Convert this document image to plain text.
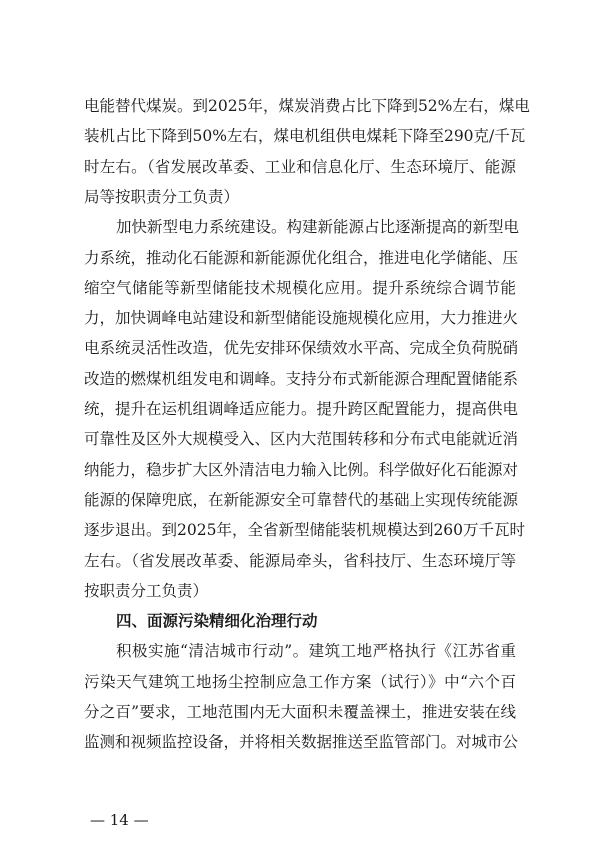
— 14 —
电能替代煤炭。到2025年，煤炭消费占比下降到52%左右，煤电
装机占比下降到50%左右，煤电机组供电煤耗下降至290克/千瓦
时左右。（省发展改革委、工业和信息化厅、生态环境厅、能源
局等按职责分工负责）
加快新型电力系统建设。构建新能源占比逐渐提高的新型电
力系统，推动化石能源和新能源优化组合，推进电化学储能、压
缩空气储能等新型储能技术规模化应用。提升系统综合调节能
力，加快调峰电站建设和新型储能设施规模化应用，大力推进火
电系统灵活性改造，优先安排环保绩效水平高、完成全负荷脱硝
改造的燃煤机组发电和调峰。支持分布式新能源合理配置储能系
统，提升在运机组调峰适应能力。提升跨区配置能力，提高供电
可靠性及区外大规模受入、区内大范围转移和分布式电能就近消
纳能力，稳步扩大区外清洁电力输入比例。科学做好化石能源对
能源的保障兜底，在新能源安全可靠替代的基础上实现传统能源
逐步退出。到2025年，全省新型储能装机规模达到260万千瓦时
左右。（省发展改革委、能源局牵头，省科技厅、生态环境厅等
按职责分工负责）
四、面源污染精细化治理行动
积极实施“清洁城市行动”。建筑工地严格执行《江苏省重
污染天气建筑工地扬尘控制应急工作方案（试行）》中“六个百
分之百”要求，工地范围内无大面积未覆盖裸土，推进安装在线
监测和视频监控设备，并将相关数据推送至监管部门。对城市公
